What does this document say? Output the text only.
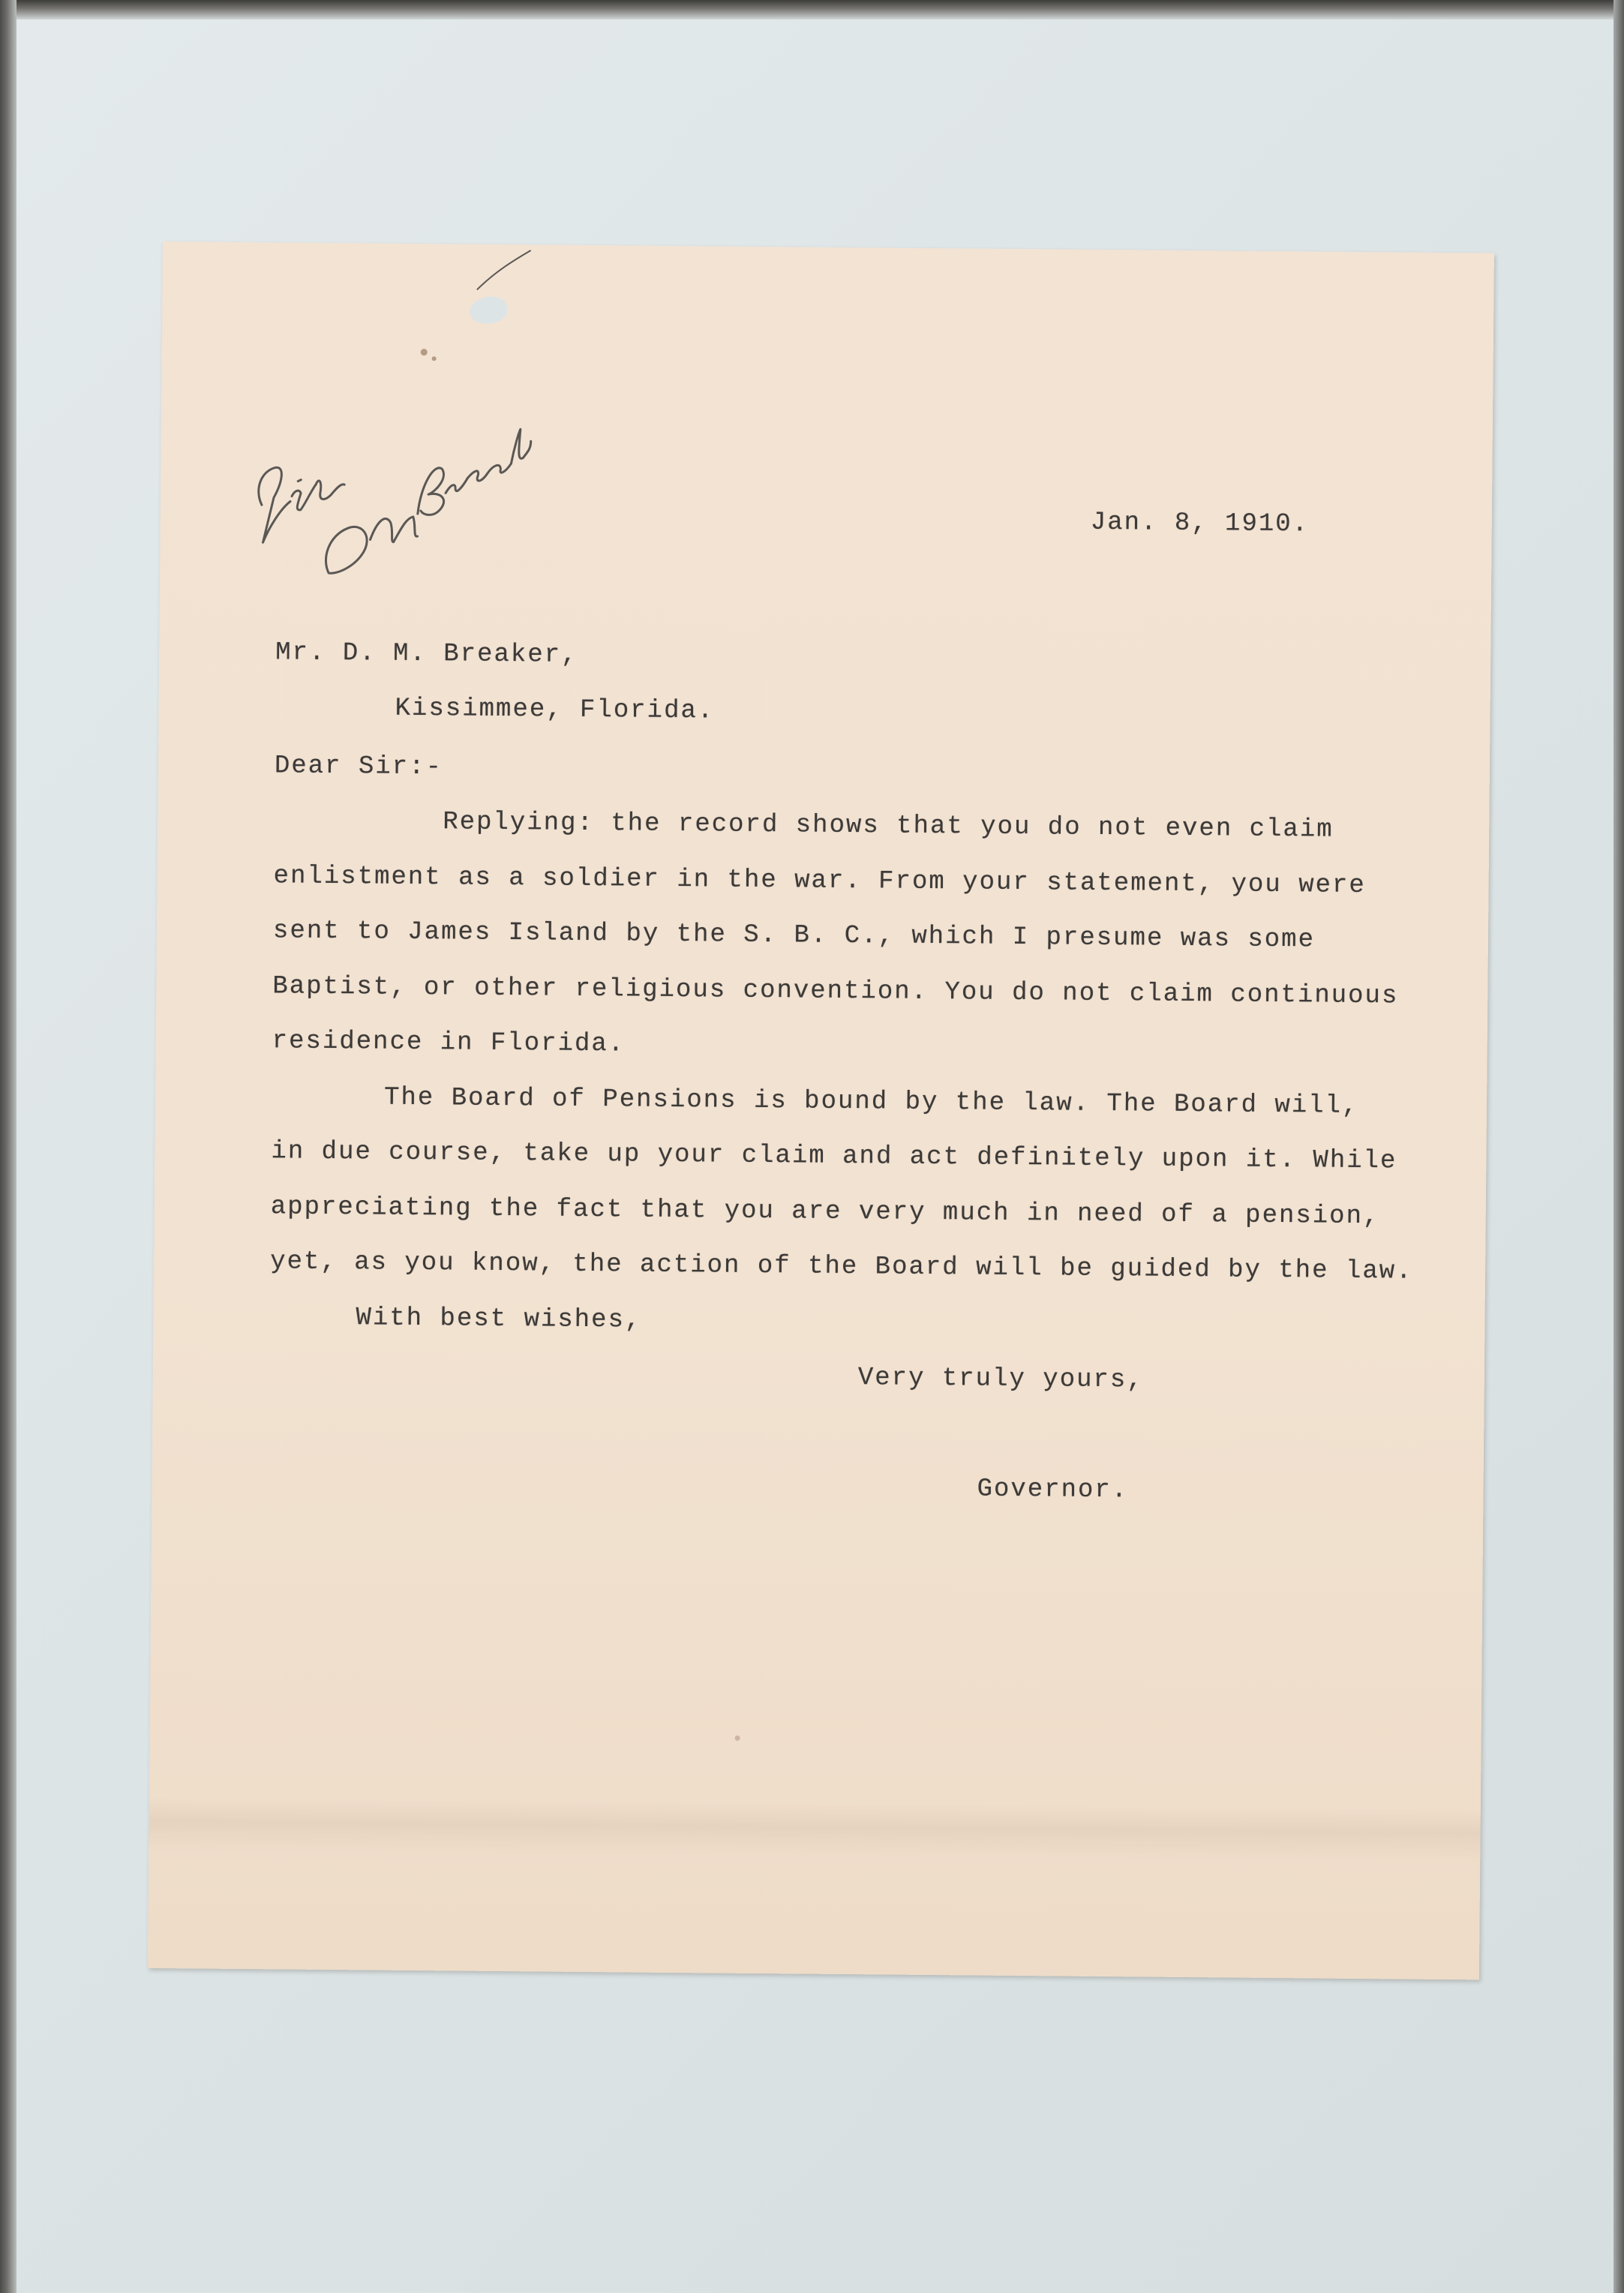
Jan. 8, 1910.
Mr. D. M. Breaker,
Kissimmee, Florida.
Dear Sir:-
Replying: the record shows that you do not even claim
enlistment as a soldier in the war. From your statement, you were
sent to James Island by the S. B. C., which I presume was some
Baptist, or other religious convention. You do not claim continuous
residence in Florida.
The Board of Pensions is bound by the law. The Board will,
in due course, take up your claim and act definitely upon it. While
appreciating the fact that you are very much in need of a pension,
yet, as you know, the action of the Board will be guided by the law.
With best wishes,
Very truly yours,
Governor.
